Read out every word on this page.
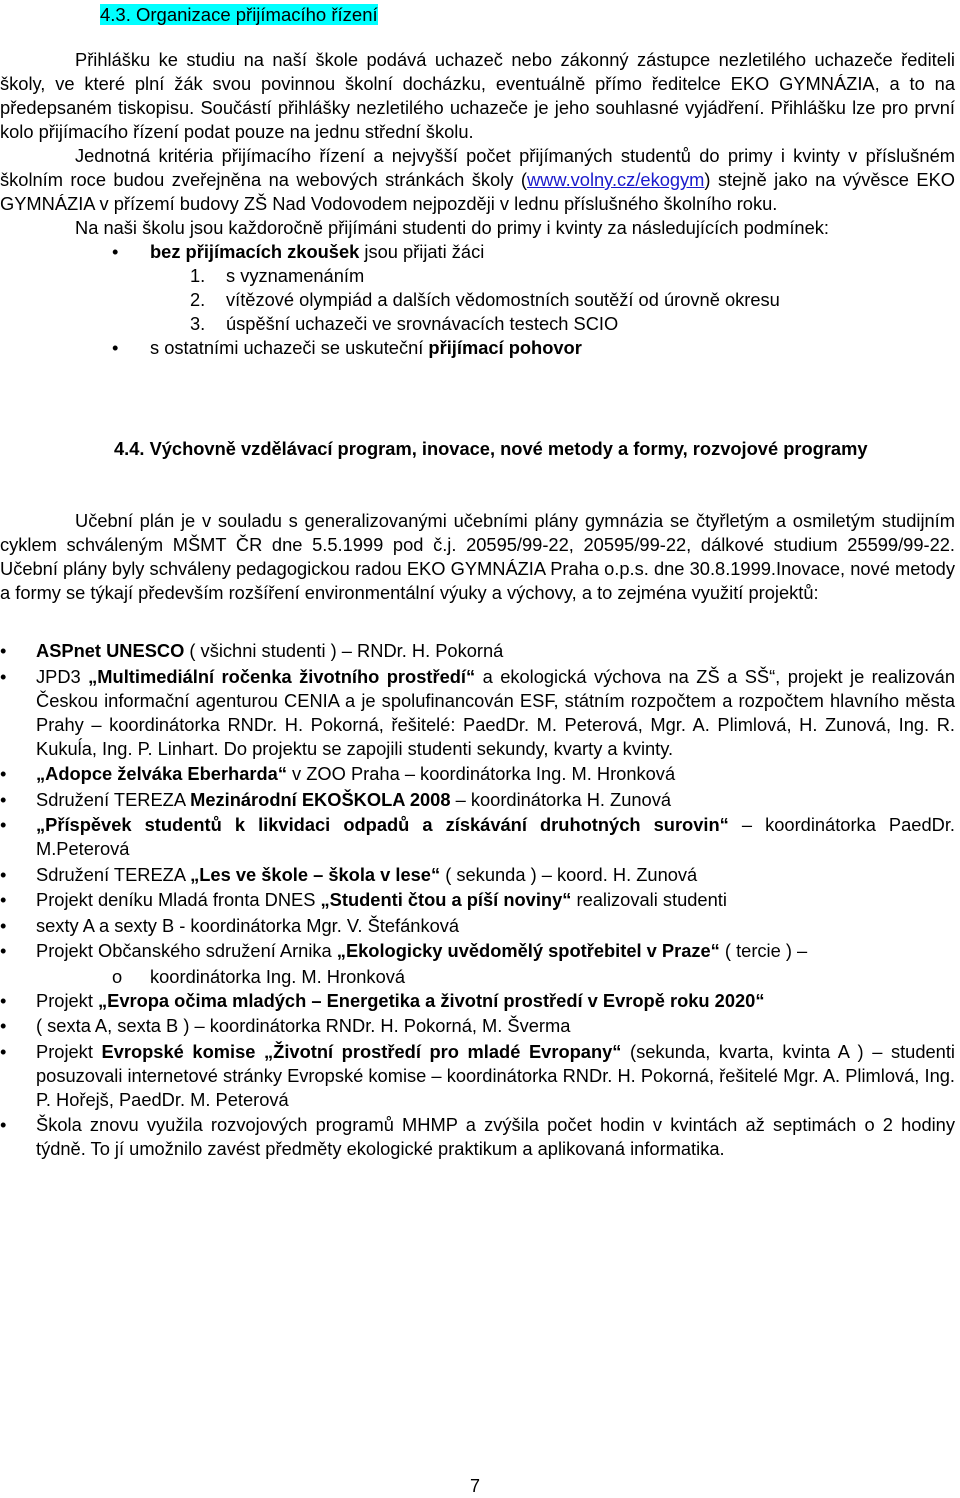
4.3. Organizace přijímacího řízení

Přihlášku ke studiu na naší škole podává uchazeč nebo zákonný zástupce nezletilého uchazeče řediteli školy, ve které plní žák svou povinnou školní docházku, eventuálně přímo ředitelce EKO GYMNÁZIA, a to na předepsaném tiskopisu. Součástí přihlášky nezletilého uchazeče je jeho souhlasné vyjádření. Přihlášku lze pro první kolo přijímacího řízení podat pouze na jednu střední školu.

Jednotná kritéria přijímacího řízení a nejvyšší počet přijímaných studentů do primy i kvinty v příslušném školním roce budou zveřejněna na webových stránkách školy (www.volny.cz/ekogym) stejně jako na vývěsce EKO GYMNÁZIA v přízemí budovy ZŠ Nad Vodovodem nejpozději v lednu příslušného školního roku.

Na naši školu jsou každoročně přijímáni studenti do primy i kvinty za následujících podmínek:

• bez přijímacích zkoušek jsou přijati žáci

1. s vyznamenáním

2. vítězové olympiád a dalších vědomostních soutěží od úrovně okresu

3. úspěšní uchazeči ve srovnávacích testech SCIO

• s ostatními uchazeči se uskuteční přijímací pohovor

4.4. Výchovně vzdělávací program, inovace, nové metody a formy, rozvojové programy

Učební plán je v souladu s generalizovanými učebními plány gymnázia se čtyřletým a osmiletým studijním cyklem schváleným MŠMT ČR dne 5.5.1999 pod č.j. 20595/99-22, 20595/99-22, dálkové studium 25599/99-22. Učební plány byly schváleny pedagogickou radou EKO GYMNÁZIA Praha o.p.s. dne 30.8.1999.Inovace, nové metody a formy se týkají především rozšíření environmentální výuky a výchovy, a to zejména využití projektů:

• ASPnet UNESCO ( všichni studenti ) – RNDr. H. Pokorná

• JPD3 „Multimediální ročenka životního prostředí“ a ekologická výchova na ZŠ a SŠ“, projekt je realizován Českou informační agenturou CENIA a je spolufinancován ESF, státním rozpočtem a rozpočtem hlavního města Prahy – koordinátorka RNDr. H. Pokorná, řešitelé: PaedDr. M. Peterová, Mgr. A. Plimlová, H. Zunová, Ing. R. Kukuĺa, Ing. P. Linhart. Do projektu se zapojili studenti sekundy, kvarty a kvinty.

• „Adopce želváka Eberharda“ v ZOO Praha – koordinátorka Ing. M. Hronková

• Sdružení TEREZA Mezinárodní EKOŠKOLA 2008 – koordinátorka H. Zunová

• „Příspěvek studentů k likvidaci odpadů a získávání druhotných surovin“ – koordinátorka PaedDr. M.Peterová

• Sdružení TEREZA „Les ve škole – škola v lese“ ( sekunda ) – koord. H. Zunová

• Projekt deníku Mladá fronta DNES „Studenti čtou a píší noviny“ realizovali studenti

• sexty A a sexty B - koordinátorka Mgr. V. Štefánková

• Projekt Občanského sdružení Arnika „Ekologicky uvědomělý spotřebitel v Praze“ ( tercie ) –

o koordinátorka Ing. M. Hronková

• Projekt „Evropa očima mladých – Energetika a životní prostředí v Evropě roku 2020“

• ( sexta A, sexta B ) – koordinátorka RNDr. H. Pokorná, M. Šverma

• Projekt Evropské komise „Životní prostředí pro mladé Evropany“ (sekunda, kvarta, kvinta A ) – studenti posuzovali internetové stránky Evropské komise – koordinátorka RNDr. H. Pokorná, řešitelé Mgr. A. Plimlová, Ing. P. Hořejš, PaedDr. M. Peterová

• Škola znovu využila rozvojových programů MHMP a zvýšila počet hodin v kvintách až septimách o 2 hodiny týdně. To jí umožnilo zavést předměty ekologické praktikum a aplikovaná informatika.

7
